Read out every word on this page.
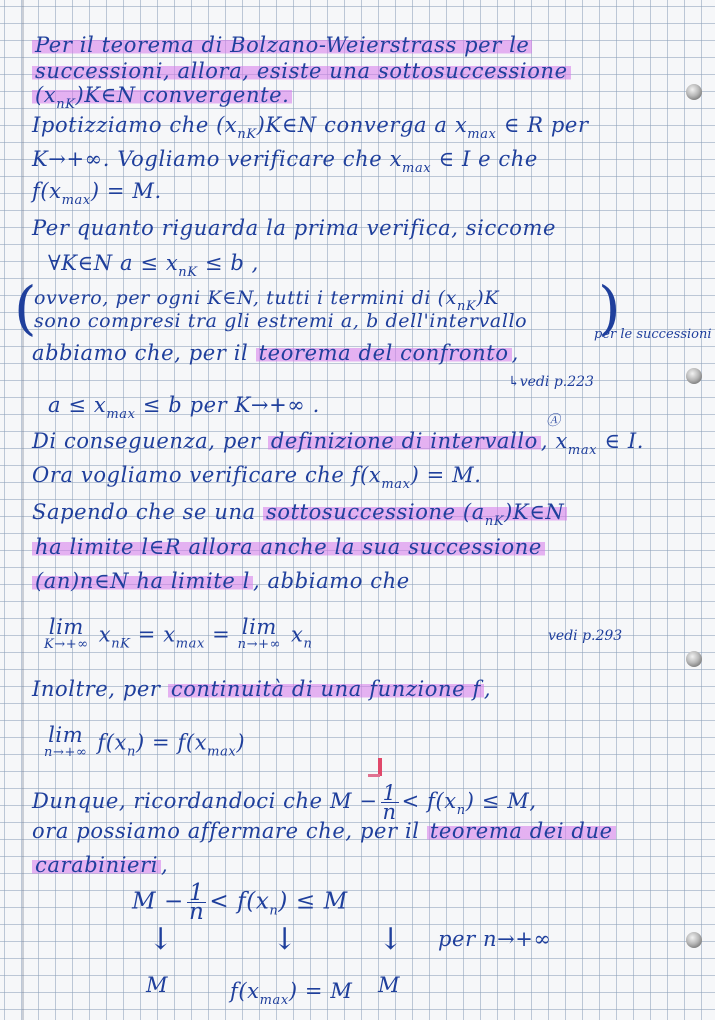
Per il teorema di Bolzano-Weierstrass per le
successioni, allora, esiste una sottosuccessione
$(x_{nK})K\in N$ convergente.
Ipotizziamo che $(x_{nK})K\in N$ converga a $x_{max}$ ∈ R per
K→+∞. Vogliamo verificare che $x_{max}$ ∈ I e che
$f(x_{max}) = M$.
Per quanto riguarda la prima verifica, siccome
∀K∈N $a \le x_{nK} \le b$ ,
(	)
ovvero, per ogni K∈N, tutti i termini di $(x_{nK})K$
sono compresi tra gli estremi a, b dell'intervallo
abbiamo che, per il teorema del confronto ,
per le successioni
↳vedi p.223
$a \le x_{max} \le b$ per K→+∞ .
Ⓐ
Di conseguenza, per definizione di intervallo , $x_{max}$ ∈ I.
Ora vogliamo verificare che $f(x_{max}) = M$.
Sapendo che se una sottosuccessione $(a_{nK})K\in N$
ha limite l∈R allora anche la sua successione
(an)n∈N ha limite l , abbiamo che
lim
K→+∞ $x_{nK} = x_{max} = \lim$
n→+∞ $x_n$	vedi p.293
Inoltre, per continuità di una funzione f ,
lim
n→+∞ $f(x_n) = f(x_{max})$
Dunque, ricordandoci che $M - \frac{1}{n} < f(x_n) \le M$,
ora possiamo affermare che, per il teorema dei due
carabinieri ,
$M - \frac{1}{n} < f(x_n) \le M$
↓	↓	↓ per n→+∞
M	$f(x_{max}) = M$ M
